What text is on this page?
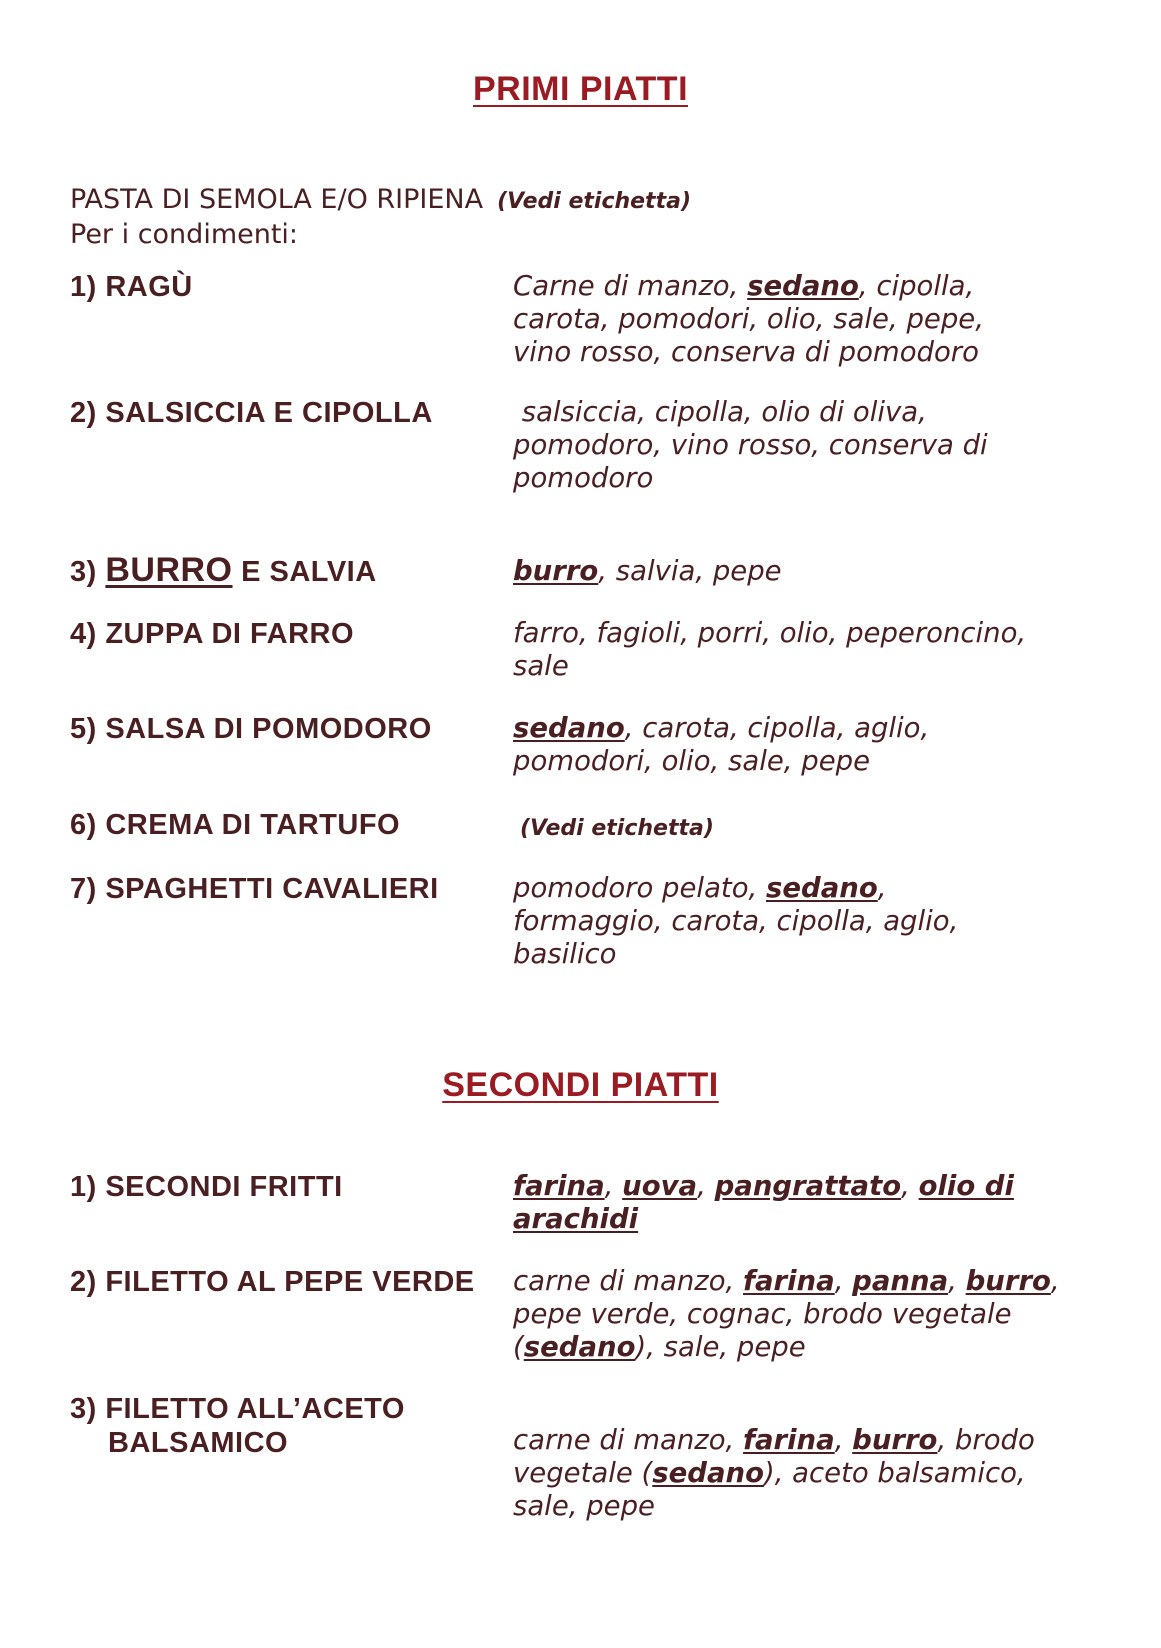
PRIMI PIATTI
PASTA DI SEMOLA E/O RIPIENA (Vedi etichetta)
Per i condimenti:
1) RAGÙ	Carne di manzo, sedano, cipolla,
carota, pomodori, olio, sale, pepe,
vino rosso, conserva di pomodoro
2) SALSICCIA E CIPOLLA	salsiccia, cipolla, olio di oliva,
pomodoro, vino rosso, conserva di
pomodoro
3) BURRO E SALVIA	burro, salvia, pepe
4) ZUPPA DI FARRO	farro, fagioli, porri, olio, peperoncino,
sale
5) SALSA DI POMODORO	sedano, carota, cipolla, aglio,
pomodori, olio, sale, pepe
6) CREMA DI TARTUFO	(Vedi etichetta)
7) SPAGHETTI CAVALIERI	pomodoro pelato, sedano,
formaggio, carota, cipolla, aglio,
basilico
SECONDI PIATTI
1) SECONDI FRITTI	farina, uova, pangrattato, olio di
arachidi
2) FILETTO AL PEPE VERDE carne di manzo, farina, panna, burro,
pepe verde, cognac, brodo vegetale
(sedano), sale, pepe
3) FILETTO ALL’ACETO
BALSAMICO	carne di manzo, farina, burro, brodo
vegetale (sedano), aceto balsamico,
sale, pepe
